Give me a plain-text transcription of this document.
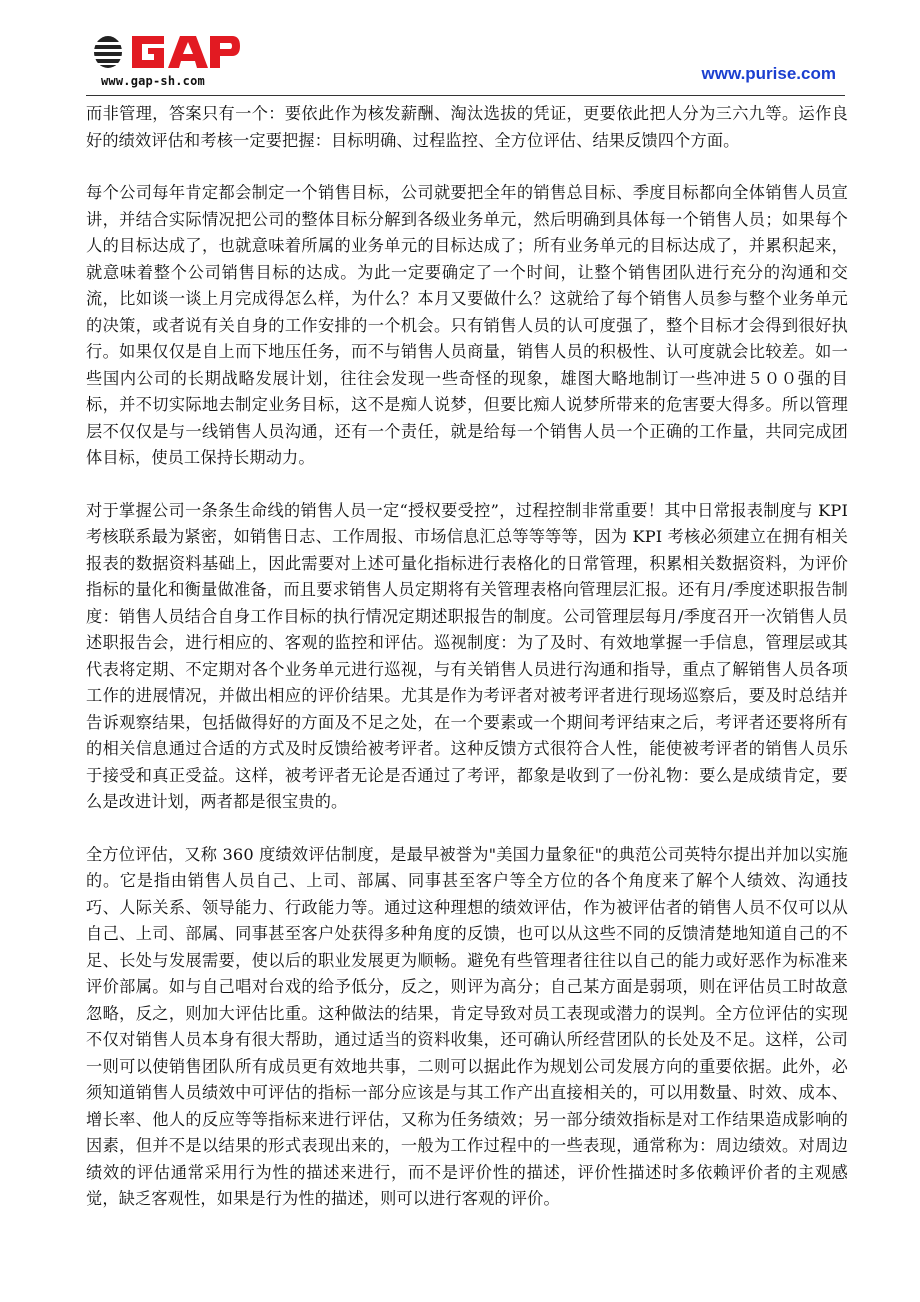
www.gap-sh.com	www.purise.com

而非管理，答案只有一个：要依此作为核发薪酬、淘汰选拔的凭证，更要依此把人分为三六九等。运作良好的绩效评估和考核一定要把握：目标明确、过程监控、全方位评估、结果反馈四个方面。

每个公司每年肯定都会制定一个销售目标，公司就要把全年的销售总目标、季度目标都向全体销售人员宣讲，并结合实际情况把公司的整体目标分解到各级业务单元，然后明确到具体每一个销售人员；如果每个人的目标达成了，也就意味着所属的业务单元的目标达成了；所有业务单元的目标达成了，并累积起来，就意味着整个公司销售目标的达成。为此一定要确定了一个时间，让整个销售团队进行充分的沟通和交流，比如谈一谈上月完成得怎么样，为什么？本月又要做什么？这就给了每个销售人员参与整个业务单元的决策，或者说有关自身的工作安排的一个机会。只有销售人员的认可度强了，整个目标才会得到很好执行。如果仅仅是自上而下地压任务，而不与销售人员商量，销售人员的积极性、认可度就会比较差。如一些国内公司的长期战略发展计划，往往会发现一些奇怪的现象，雄图大略地制订一些冲进５００强的目标，并不切实际地去制定业务目标，这不是痴人说梦，但要比痴人说梦所带来的危害要大得多。所以管理层不仅仅是与一线销售人员沟通，还有一个责任，就是给每一个销售人员一个正确的工作量，共同完成团体目标，使员工保持长期动力。

对于掌握公司一条条生命线的销售人员一定“授权要受控”，过程控制非常重要！其中日常报表制度与 KPI 考核联系最为紧密，如销售日志、工作周报、市场信息汇总等等等等，因为 KPI 考核必须建立在拥有相关报表的数据资料基础上，因此需要对上述可量化指标进行表格化的日常管理，积累相关数据资料，为评价指标的量化和衡量做准备，而且要求销售人员定期将有关管理表格向管理层汇报。还有月/季度述职报告制度：销售人员结合自身工作目标的执行情况定期述职报告的制度。公司管理层每月/季度召开一次销售人员述职报告会，进行相应的、客观的监控和评估。巡视制度：为了及时、有效地掌握一手信息，管理层或其代表将定期、不定期对各个业务单元进行巡视，与有关销售人员进行沟通和指导，重点了解销售人员各项工作的进展情况，并做出相应的评价结果。尤其是作为考评者对被考评者进行现场巡察后，要及时总结并告诉观察结果，包括做得好的方面及不足之处，在一个要素或一个期间考评结束之后，考评者还要将所有的相关信息通过合适的方式及时反馈给被考评者。这种反馈方式很符合人性，能使被考评者的销售人员乐于接受和真正受益。这样，被考评者无论是否通过了考评，都象是收到了一份礼物：要么是成绩肯定，要么是改进计划，两者都是很宝贵的。

全方位评估，又称 360 度绩效评估制度，是最早被誉为"美国力量象征"的典范公司英特尔提出并加以实施的。它是指由销售人员自己、上司、部属、同事甚至客户等全方位的各个角度来了解个人绩效、沟通技巧、人际关系、领导能力、行政能力等。通过这种理想的绩效评估，作为被评估者的销售人员不仅可以从自己、上司、部属、同事甚至客户处获得多种角度的反馈，也可以从这些不同的反馈清楚地知道自己的不足、长处与发展需要，使以后的职业发展更为顺畅。避免有些管理者往往以自己的能力或好恶作为标准来评价部属。如与自己唱对台戏的给予低分，反之，则评为高分；自己某方面是弱项，则在评估员工时故意忽略，反之，则加大评估比重。这种做法的结果，肯定导致对员工表现或潜力的误判。全方位评估的实现不仅对销售人员本身有很大帮助，通过适当的资料收集，还可确认所经营团队的长处及不足。这样，公司一则可以使销售团队所有成员更有效地共事，二则可以据此作为规划公司发展方向的重要依据。此外，必须知道销售人员绩效中可评估的指标一部分应该是与其工作产出直接相关的，可以用数量、时效、成本、增长率、他人的反应等等指标来进行评估，又称为任务绩效；另一部分绩效指标是对工作结果造成影响的因素，但并不是以结果的形式表现出来的，一般为工作过程中的一些表现，通常称为：周边绩效。对周边绩效的评估通常采用行为性的描述来进行，而不是评价性的描述，评价性描述时多依赖评价者的主观感觉，缺乏客观性，如果是行为性的描述，则可以进行客观的评价。
